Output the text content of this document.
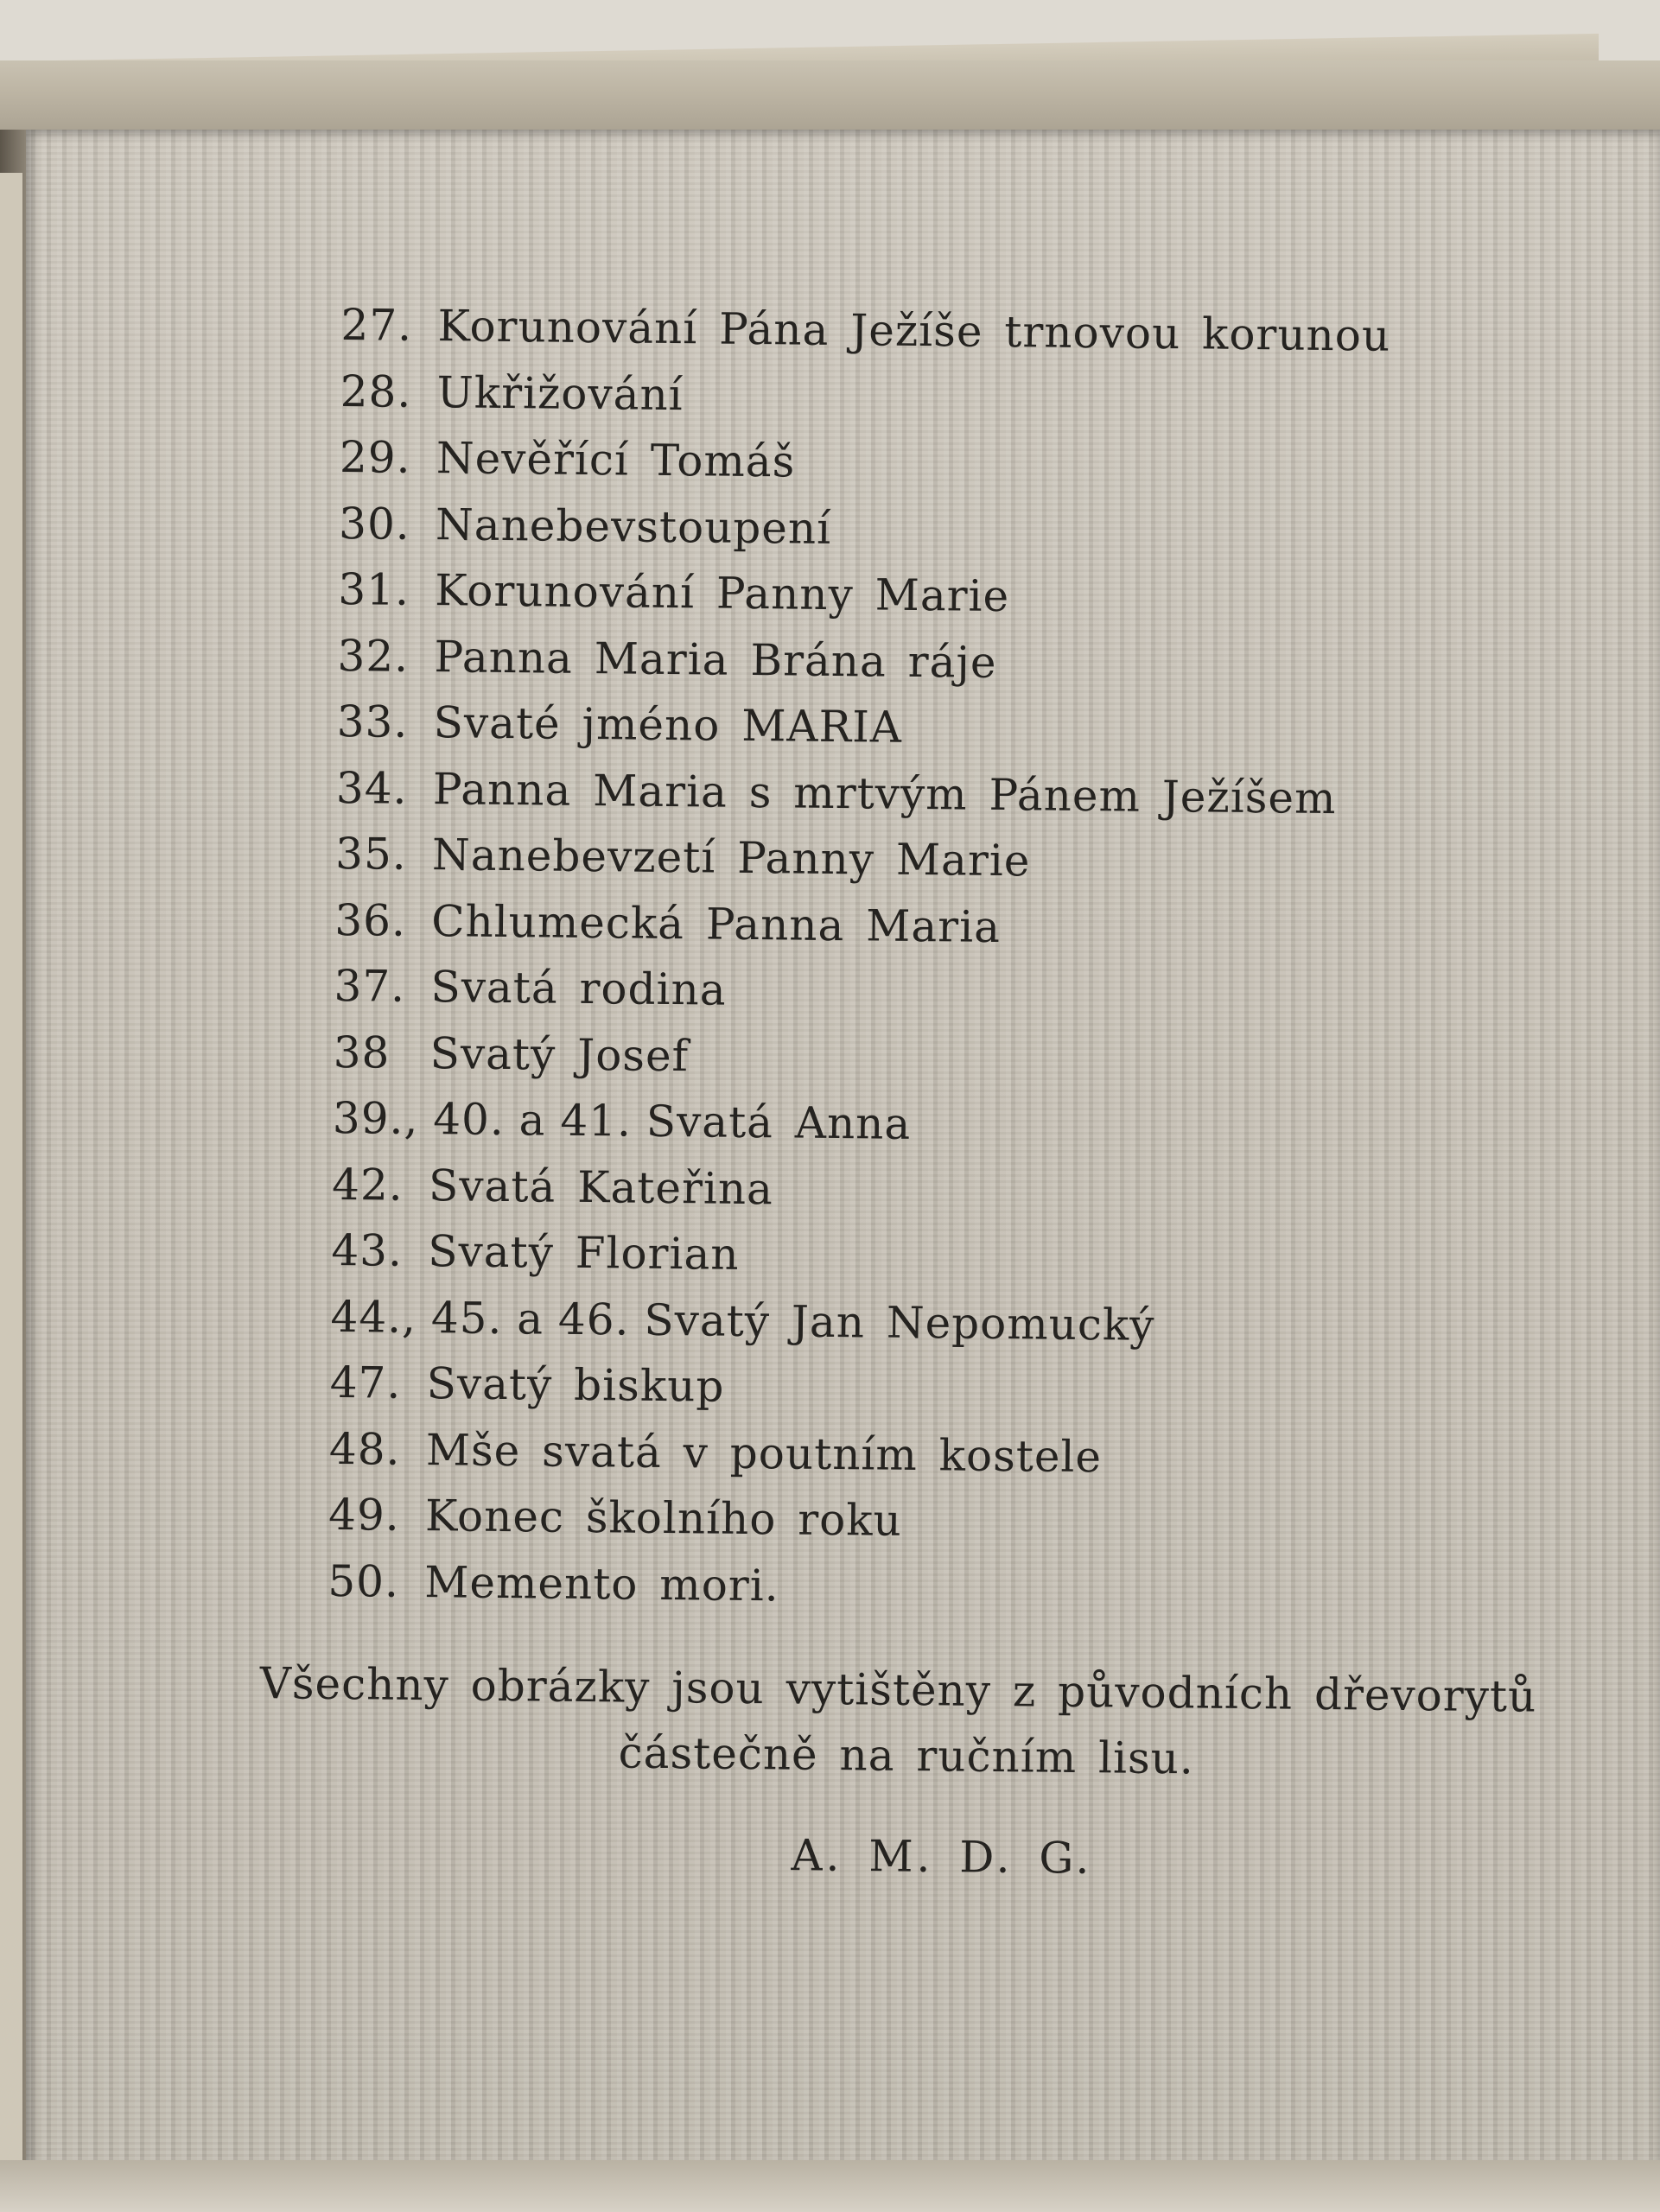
27. Korunování Pána Ježíše trnovou korunou
28. Ukřižování
29. Nevěřící Tomáš
30. Nanebevstoupení
31. Korunování Panny Marie
32. Panna Maria Brána ráje
33. Svaté jméno MARIA
34. Panna Maria s mrtvým Pánem Ježíšem
35. Nanebevzetí Panny Marie
36. Chlumecká Panna Maria
37. Svatá rodina
38 Svatý Josef
39., 40. a 41. Svatá Anna
42. Svatá Kateřina
43. Svatý Florian
44., 45. a 46. Svatý Jan Nepomucký
47. Svatý biskup
48. Mše svatá v poutním kostele
49. Konec školního roku
50. Memento mori.
Všechny obrázky jsou vytištěny z původních dřevorytů
částečně na ručním lisu.
A. M. D. G.
